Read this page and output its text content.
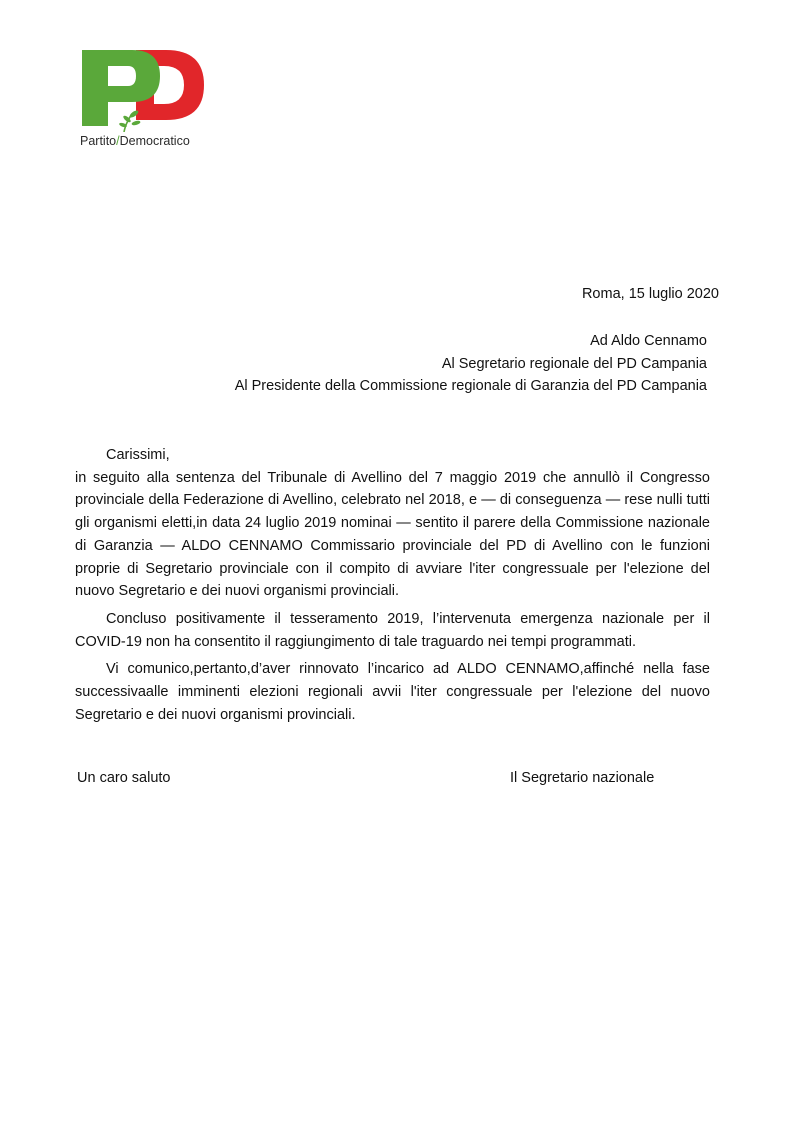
Partito/Democratico
Roma, 15 luglio 2020
Ad Aldo Cennamo
Al Segretario regionale del PD Campania
Al Presidente della Commissione regionale di Garanzia del PD Campania
Carissimi,

in seguito alla sentenza del Tribunale di Avellino del 7 maggio 2019 che annullò il Congresso provinciale della Federazione di Avellino, celebrato nel 2018, e — di conseguenza — rese nulli tutti gli organismi eletti,in data 24 luglio 2019 nominai — sentito il parere della Commissione nazionale di Garanzia — ALDO CENNAMO Commissario provinciale del PD di Avellino con le funzioni proprie di Segretario provinciale con il compito di avviare l'iter congressuale per l'elezione del nuovo Segretario e dei nuovi organismi provinciali.

Concluso positivamente il tesseramento 2019, l’intervenuta emergenza nazionale per il COVID-19 non ha consentito il raggiungimento di tale traguardo nei tempi programmati.

Vi comunico,pertanto,d’aver rinnovato l’incarico ad ALDO CENNAMO,affinché nella fase successivaalle imminenti elezioni regionali avvii l'iter congressuale per l'elezione del nuovo Segretario e dei nuovi organismi provinciali.

Un caro saluto	Il Segretario nazionale
